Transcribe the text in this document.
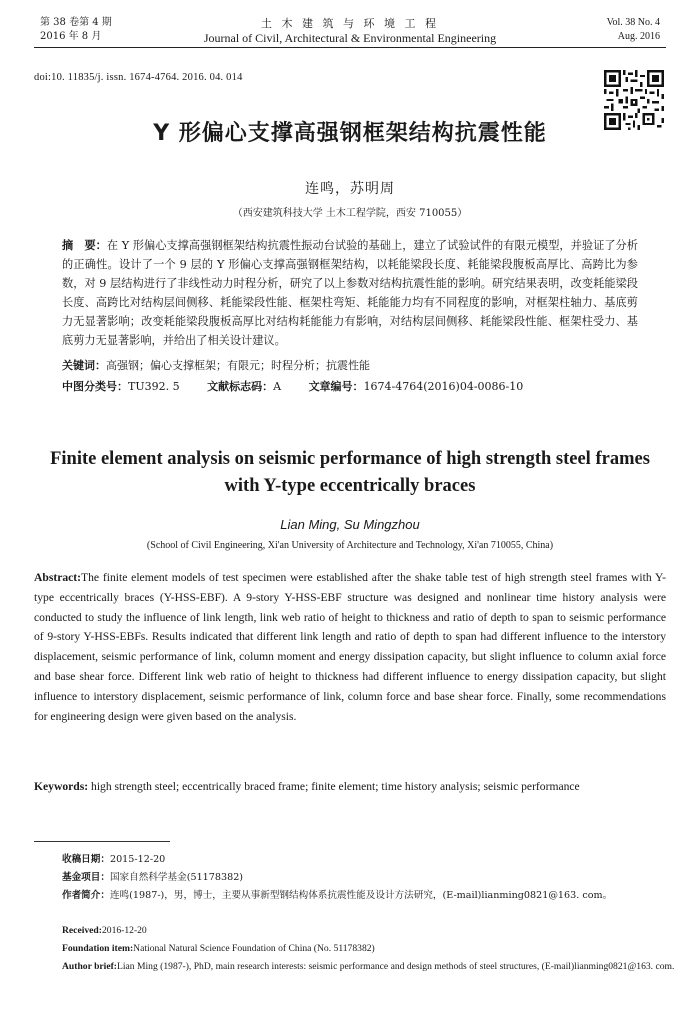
第 38 卷第 4 期
2016 年 8 月
土 木 建 筑 与 环 境 工 程
Journal of Civil, Architectural & Environmental Engineering
Vol. 38 No. 4
Aug. 2016
doi:10. 11835/j. issn. 1674-4764. 2016. 04. 014
Y 形偏心支撑高强钢框架结构抗震性能
连鸣，苏明周
（西安建筑科技大学 土木工程学院，西安 710055）
摘　要：在 Y 形偏心支撑高强钢框架结构抗震性振动台试验的基础上，建立了试验试件的有限元模型，并验证了分析的正确性。设计了一个 9 层的 Y 形偏心支撑高强钢框架结构，以耗能梁段长度、耗能梁段腹板高厚比、高跨比为参数，对 9 层结构进行了非线性动力时程分析，研究了以上参数对结构抗震性能的影响。研究结果表明，改变耗能梁段长度、高跨比对结构层间侧移、耗能梁段性能、框架柱弯矩、耗能能力均有不同程度的影响，对框架柱轴力、基底剪力无显著影响；改变耗能梁段腹板高厚比对结构耗能能力有影响，对结构层间侧移、耗能梁段性能、框架柱受力、基底剪力无显著影响，并给出了相关设计建议。
关键词：高强钢；偏心支撑框架；有限元；时程分析；抗震性能
中图分类号：TU392. 5	文献标志码：A	文章编号：1674-4764(2016)04-0086-10
Finite element analysis on seismic performance of high strength steel frames with Y-type eccentrically braces
Lian Ming, Su Mingzhou
(School of Civil Engineering, Xi'an University of Architecture and Technology, Xi'an 710055, China)
Abstract:The finite element models of test specimen were established after the shake table test of high strength steel frames with Y-type eccentrically braces (Y-HSS-EBF). A 9-story Y-HSS-EBF structure was designed and nonlinear time history analysis were conducted to study the influence of link length, link web ratio of height to thickness and ratio of depth to span to seismic performance of 9-story Y-HSS-EBFs. Results indicated that different link length and ratio of depth to span had different influence to the interstory displacement, seismic performance of link, column moment and energy dissipation capacity, but slight influence to column axial force and base shear force. Different link web ratio of height to thickness had different influence to energy dissipation capacity, but slight influence to interstory displacement, seismic performance of link, column force and base shear force. Finally, some recommendations for engineering design were given based on the analysis.
Keywords: high strength steel; eccentrically braced frame; finite element; time history analysis; seismic performance
收稿日期：2015-12-20
基金项目：国家自然科学基金(51178382)
作者简介：连鸣(1987-)，男，博士，主要从事新型钢结构体系抗震性能及设计方法研究，(E-mail)lianming0821@163. com。
Received:2016-12-20
Foundation item:National Natural Science Foundation of China (No. 51178382)
Author brief:Lian Ming (1987-), PhD, main research interests: seismic performance and design methods of steel structures, (E-mail)lianming0821@163. com.
